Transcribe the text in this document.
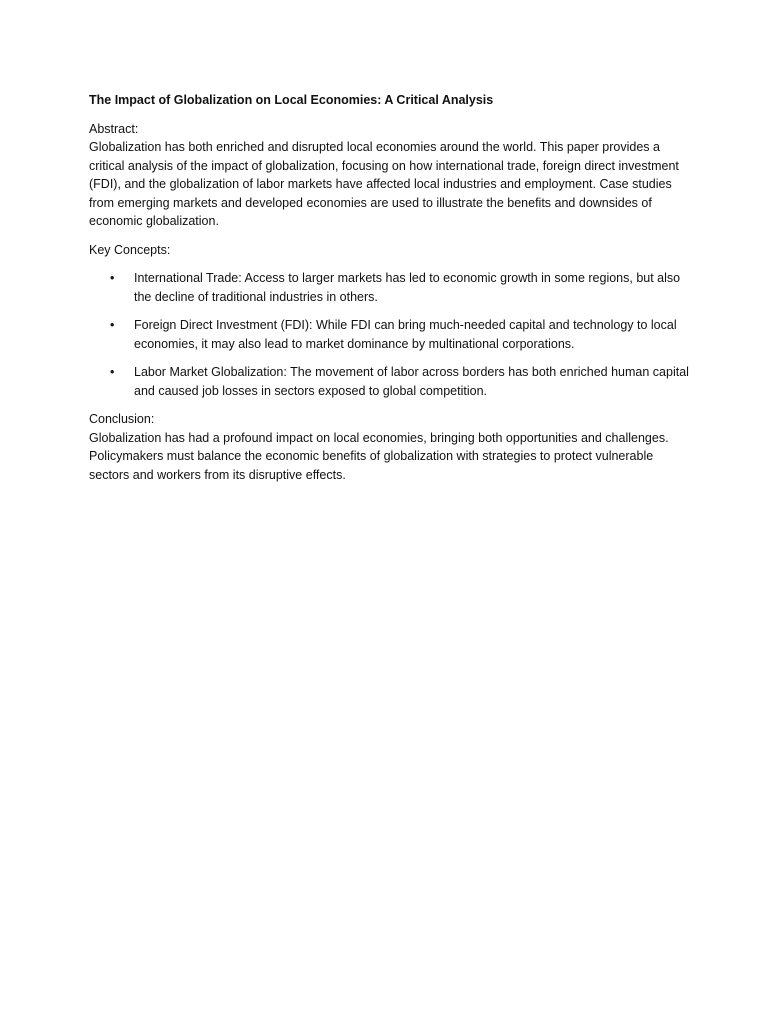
The Impact of Globalization on Local Economies: A Critical Analysis

Abstract:

Globalization has both enriched and disrupted local economies around the world. This paper provides a critical analysis of the impact of globalization, focusing on how international trade, foreign direct investment (FDI), and the globalization of labor markets have affected local industries and employment. Case studies from emerging markets and developed economies are used to illustrate the benefits and downsides of economic globalization.

Key Concepts:

• International Trade: Access to larger markets has led to economic growth in some regions, but also the decline of traditional industries in others.
• Foreign Direct Investment (FDI): While FDI can bring much-needed capital and technology to local economies, it may also lead to market dominance by multinational corporations.
• Labor Market Globalization: The movement of labor across borders has both enriched human capital and caused job losses in sectors exposed to global competition.

Conclusion:

Globalization has had a profound impact on local economies, bringing both opportunities and challenges. Policymakers must balance the economic benefits of globalization with strategies to protect vulnerable sectors and workers from its disruptive effects.
